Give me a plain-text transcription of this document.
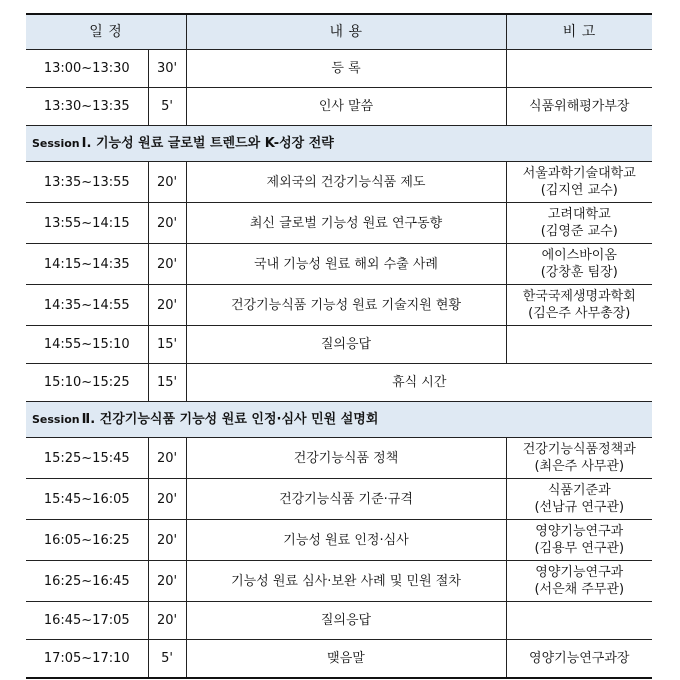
일 정		내 용	비 고
13:00~13:30	30'	등 록	
13:30~13:35	5'	인사 말씀	식품위해평가부장
Session Ⅰ. 기능성 원료 글로벌 트렌드와 K-성장 전략			
13:35~13:55	20'	제외국의 건강기능식품 제도	서울과학기술대학교
(김지연 교수)

13:55~14:15	20'	최신 글로벌 기능성 원료 연구동향	고려대학교
(김영준 교수)

14:15~14:35	20'	국내 기능성 원료 해외 수출 사례	에이스바이옴
(강창훈 팀장)

14:35~14:55	20'	건강기능식품 기능성 원료 기술지원 현황	한국국제생명과학회
(김은주 사무총장)

14:55~15:10	15'	질의응답	
15:10~15:25	15'	휴식 시간	
Session Ⅱ. 건강기능식품 기능성 원료 인정·심사 민원 설명회			
15:25~15:45	20'	건강기능식품 정책	건강기능식품정책과
(최은주 사무관)

15:45~16:05	20'	건강기능식품 기준·규격	식품기준과
(선남규 연구관)

16:05~16:25	20'	기능성 원료 인정·심사	영양기능연구과
(김용무 연구관)

16:25~16:45	20'	기능성 원료 심사·보완 사례 및 민원 절차	영양기능연구과
(서은채 주무관)

16:45~17:05	20'	질의응답	
17:05~17:10	5'	맺음말	영양기능연구과장
